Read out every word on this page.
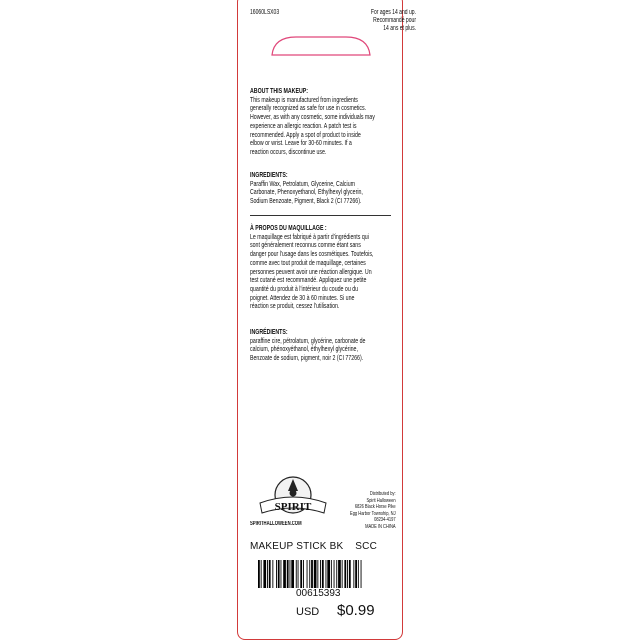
16060LSX03	For ages 14 and up.
Recommandé pour
14 ans et plus.
ABOUT THIS MAKEUP:
This makeup is manufactured from ingredients
generally recognized as safe for use in cosmetics.
However, as with any cosmetic, some individuals may
experience an allergic reaction. A patch test is
recommended. Apply a spot of product to inside
elbow or wrist. Leave for 30-60 minutes. If a
reaction occurs, discontinue use.
INGREDIENTS:
Paraffin Wax, Petrolatum, Glycerine, Calcium
Carbonate, Phenoxyethanol, Ethylhexyl glycerin,
Sodium Benzoate, Pigment, Black 2 (CI 77266).
À PROPOS DU MAQUILLAGE :
Le maquillage est fabriqué à partir d'ingrédients qui
sont généralement reconnus comme étant sans
danger pour l'usage dans les cosmétiques. Toutefois,
comme avec tout produit de maquillage, certaines
personnes peuvent avoir une réaction allergique. Un
test cutané est recommandé. Appliquez une petite
quantité du produit à l'intérieur du coude ou du
poignet. Attendez de 30 à 60 minutes. Si une
réaction se produit, cessez l'utilisation.
INGRÉDIENTS:
paraffine cire, pétrolatum, glycérine, carbonate de
calcium, phénoxyéthanol, éthylhexyl glycérine,
Benzoate de sodium, pigment, noir 2 (CI 77266).
SPIRIT
SPIRITHALLOWEEN.COM
Distributed by:
Spirit Halloween
6826 Black Horse Pike
Egg Harbor Township, NJ
08234-4197
MADE IN CHINA
MAKEUP STICK BK    SCC
00615393
USD $0.99
